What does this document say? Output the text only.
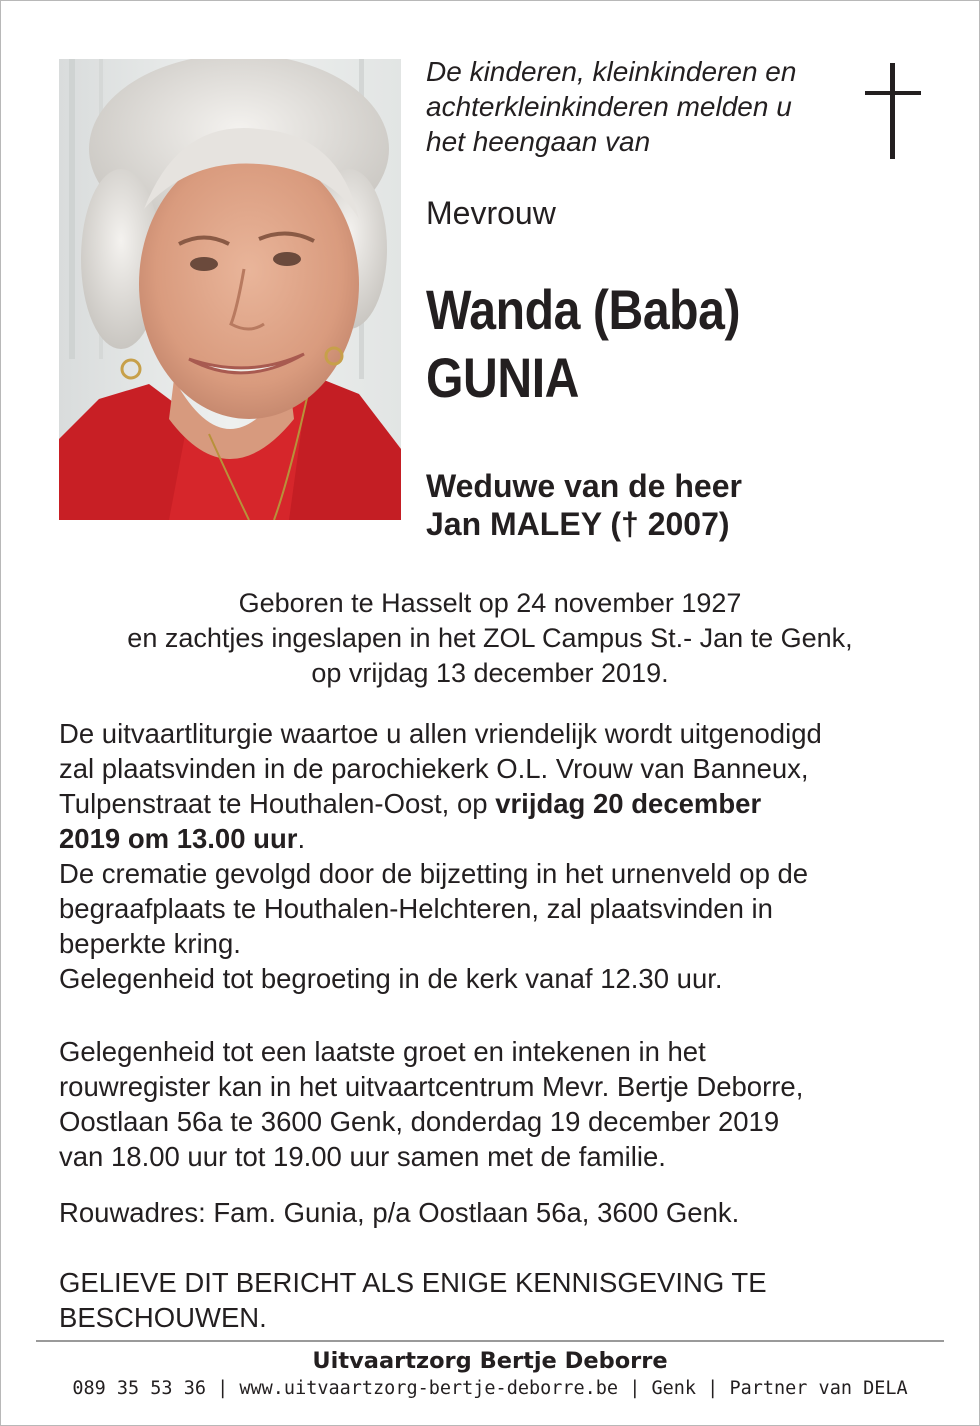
De kinderen, kleinkinderen en
achterkleinkinderen melden u
het heengaan van

Mevrouw

Wanda (Baba)
GUNIA

Weduwe van de heer
Jan MALEY († 2007)

Geboren te Hasselt op 24 november 1927
en zachtjes ingeslapen in het ZOL Campus St.- Jan te Genk,
op vrijdag 13 december 2019.

De uitvaartliturgie waartoe u allen vriendelijk wordt uitgenodigd
zal plaatsvinden in de parochiekerk O.L. Vrouw van Banneux,
Tulpenstraat te Houthalen-Oost, op vrijdag 20 december
2019 om 13.00 uur.
De crematie gevolgd door de bijzetting in het urnenveld op de
begraafplaats te Houthalen-Helchteren, zal plaatsvinden in
beperkte kring.
Gelegenheid tot begroeting in de kerk vanaf 12.30 uur.

Gelegenheid tot een laatste groet en intekenen in het
rouwregister kan in het uitvaartcentrum Mevr. Bertje Deborre,
Oostlaan 56a te 3600 Genk, donderdag 19 december 2019
van 18.00 uur tot 19.00 uur samen met de familie.

Rouwadres: Fam. Gunia, p/a Oostlaan 56a, 3600 Genk.

GELIEVE DIT BERICHT ALS ENIGE KENNISGEVING TE
BESCHOUWEN.

Uitvaartzorg Bertje Deborre

089 35 53 36 | www.uitvaartzorg-bertje-deborre.be | Genk | Partner van DELA
